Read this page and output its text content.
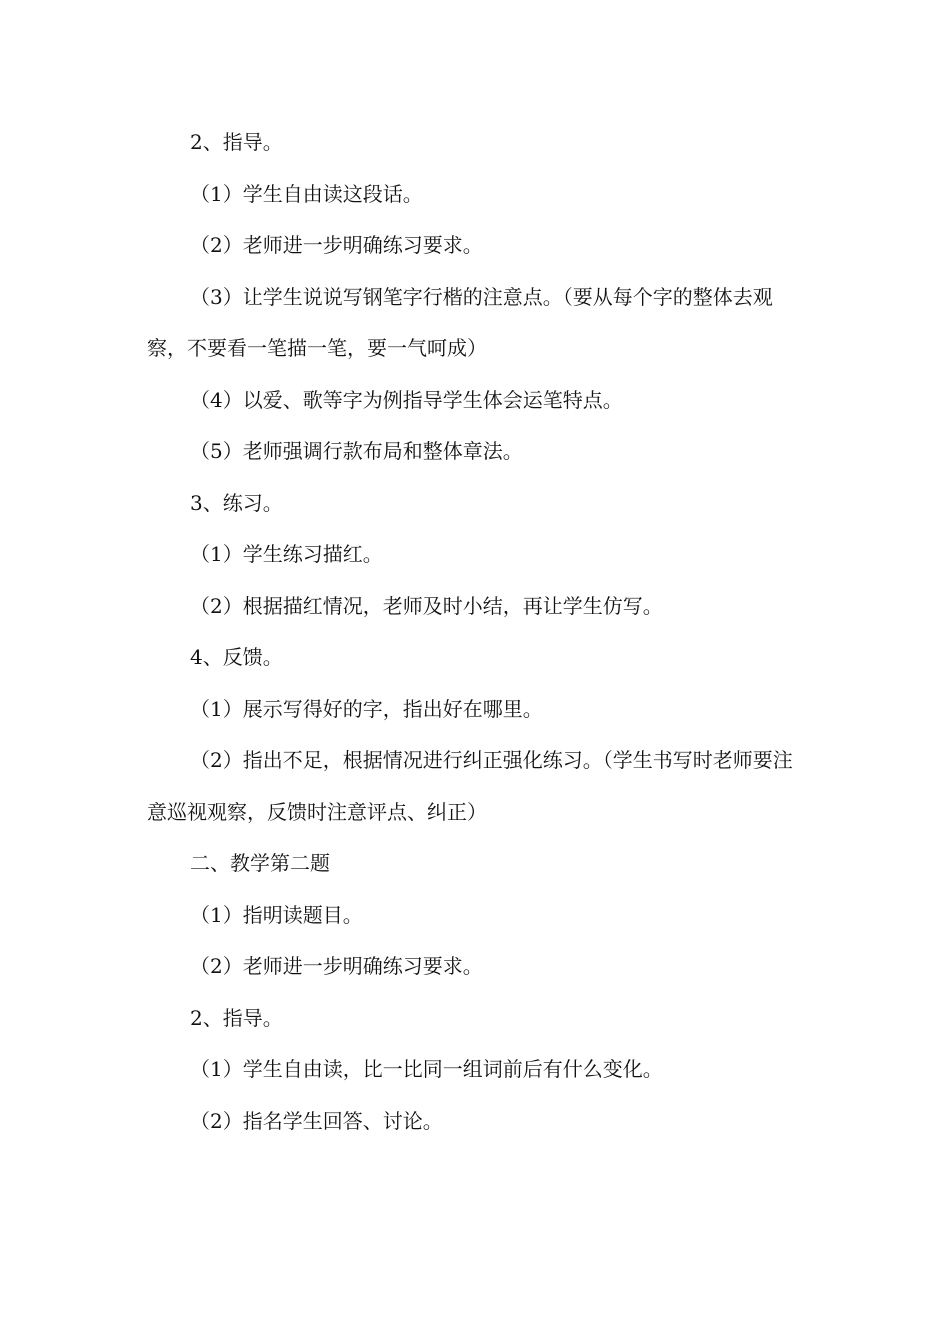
2、指导。

（1）学生自由读这段话。

（2）老师进一步明确练习要求。

（3）让学生说说写钢笔字行楷的注意点。（要从每个字的整体去观察，不要看一笔描一笔，要一气呵成）

（4）以爱、歌等字为例指导学生体会运笔特点。

（5）老师强调行款布局和整体章法。

3、练习。

（1）学生练习描红。

（2）根据描红情况，老师及时小结，再让学生仿写。

4、反馈。

（1）展示写得好的字，指出好在哪里。

（2）指出不足，根据情况进行纠正强化练习。（学生书写时老师要注意巡视观察，反馈时注意评点、纠正）

二、教学第二题

（1）指明读题目。

（2）老师进一步明确练习要求。

2、指导。

（1）学生自由读，比一比同一组词前后有什么变化。

（2）指名学生回答、讨论。
